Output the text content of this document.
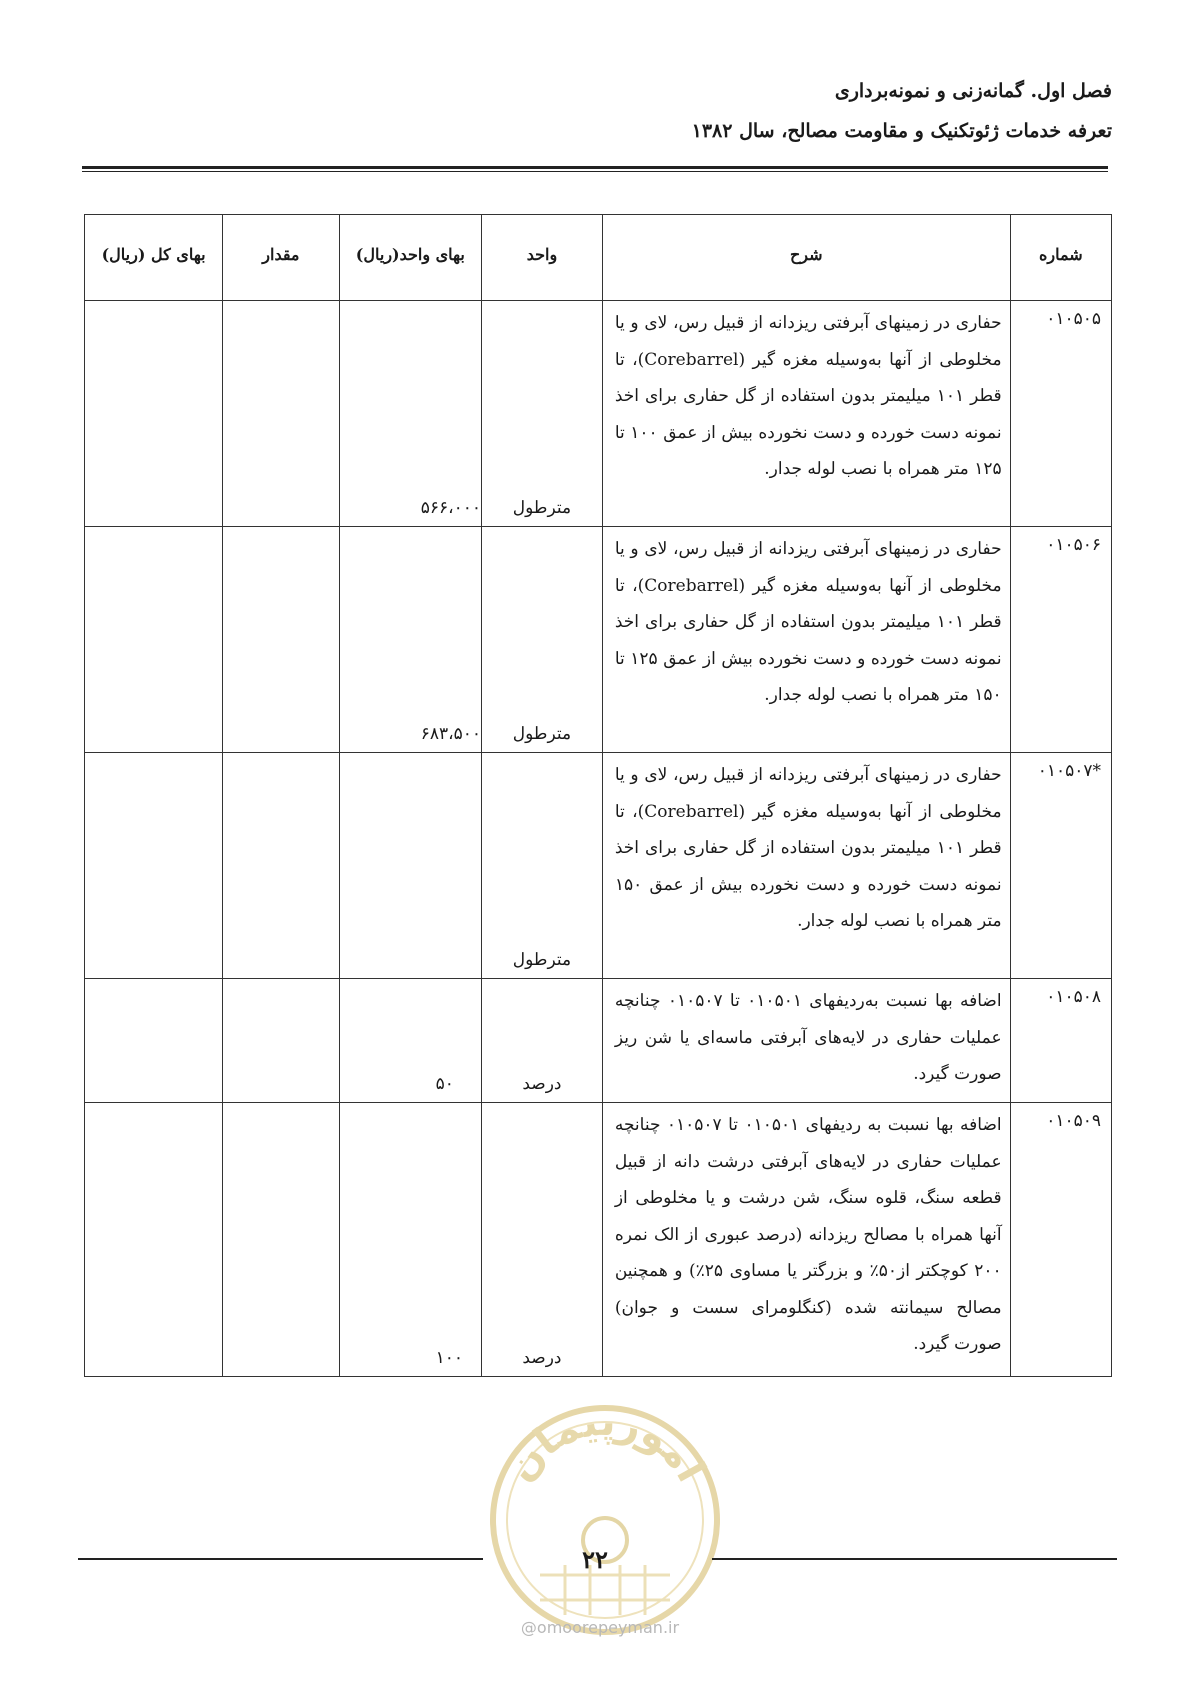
فصل اول. گمانه‌زنی و نمونه‌برداری
تعرفه خدمات ژئوتکنیک و مقاومت مصالح، سال ۱۳۸۲
شماره	شرح	واحد	بهای واحد(ریال)	مقدار	بهای کل (ریال)
۰۱۰۵۰۵	حفاری در زمینهای آبرفتی ریزدانه از قبیل رس، لای و یا مخلوطی از آنها به‌وسیله مغزه گیر (Corebarrel)، تا قطر ۱۰۱ میلیمتر بدون استفاده از گل حفاری برای اخذ نمونه دست خورده و دست نخورده بیش از عمق ۱۰۰ تا ۱۲۵ متر همراه با نصب لوله جدار.	مترطول	۵۶۶،۰۰۰		
۰۱۰۵۰۶	حفاری در زمینهای آبرفتی ریزدانه از قبیل رس، لای و یا مخلوطی از آنها به‌وسیله مغزه گیر (Corebarrel)، تا قطر ۱۰۱ میلیمتر بدون استفاده از گل حفاری برای اخذ نمونه دست خورده و دست نخورده بیش از عمق ۱۲۵ تا ۱۵۰ متر همراه با نصب لوله جدار.	مترطول	۶۸۳،۵۰۰		
*۰۱۰۵۰۷	حفاری در زمینهای آبرفتی ریزدانه از قبیل رس، لای و یا مخلوطی از آنها به‌وسیله مغزه گیر (Corebarrel)، تا قطر ۱۰۱ میلیمتر بدون استفاده از گل حفاری برای اخذ نمونه دست خورده و دست نخورده بیش از عمق ۱۵۰ متر همراه با نصب لوله جدار.	مترطول			
۰۱۰۵۰۸	اضافه بها نسبت به‌ردیفهای ۰۱۰۵۰۱ تا ۰۱۰۵۰۷ چنانچه عملیات حفاری در لایه‌های آبرفتی ماسه‌ای یا شن ریز صورت گیرد.	درصد	۵۰		
۰۱۰۵۰۹	اضافه بها نسبت به ردیفهای ۰۱۰۵۰۱ تا ۰۱۰۵۰۷ چنانچه عملیات حفاری در لایه‌های آبرفتی درشت دانه از قبیل قطعه سنگ، قلوه سنگ، شن درشت و یا مخلوطی از آنها همراه با مصالح ریزدانه (درصد عبوری از الک نمره ۲۰۰ کوچکتر از۵۰٪ و بزرگتر یا مساوی ۲۵٪) و همچنین مصالح سیمانته شده (کنگلومرای سست و جوان) صورت گیرد.	درصد	۱۰۰		
امورپیمان
۲۲
@omoorepeyman.ir
